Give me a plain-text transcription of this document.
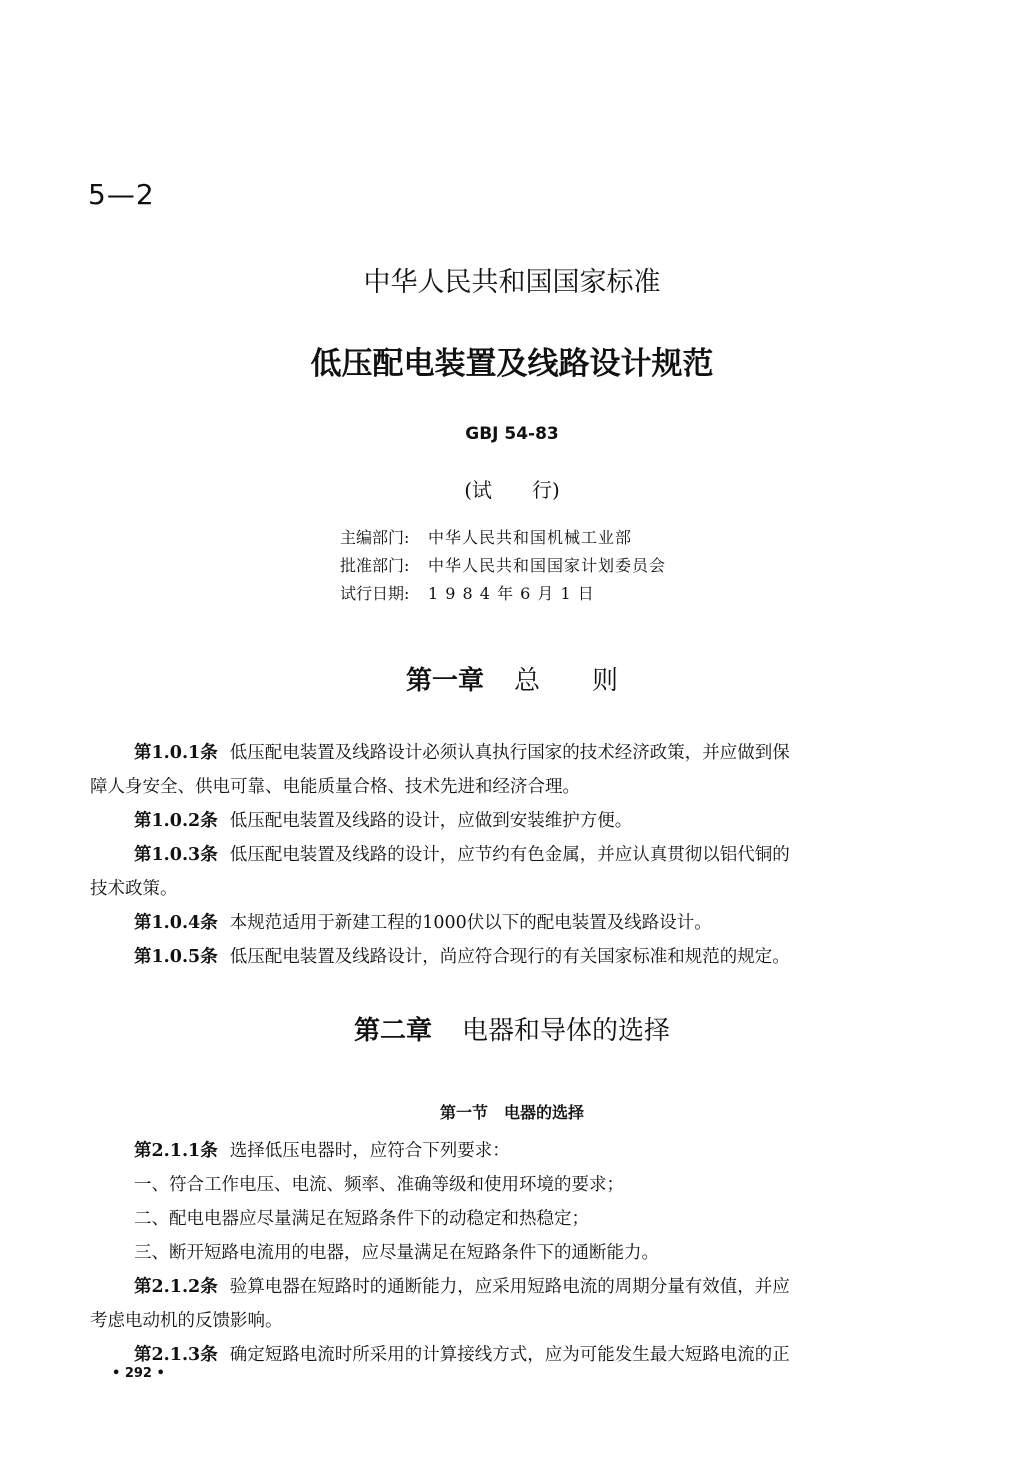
5—2
中华人民共和国国家标准
低压配电装置及线路设计规范
GBJ 54-83
(试　　行)
主编部门: 中华人民共和国机械工业部
批准部门: 中华人民共和国国家计划委员会
试行日期: 1 9 8 4 年 6 月 1 日
第一章 总　　则
第1.0.1条 低压配电装置及线路设计必须认真执行国家的技术经济政策，并应做到保
障人身安全、供电可靠、电能质量合格、技术先进和经济合理。
第1.0.2条 低压配电装置及线路的设计，应做到安装维护方便。
第1.0.3条 低压配电装置及线路的设计，应节约有色金属，并应认真贯彻以铝代铜的
技术政策。
第1.0.4条 本规范适用于新建工程的1000伏以下的配电装置及线路设计。
第1.0.5条 低压配电装置及线路设计，尚应符合现行的有关国家标准和规范的规定。
第二章 电器和导体的选择
第一节　电器的选择
第2.1.1条 选择低压电器时，应符合下列要求：
一、符合工作电压、电流、频率、准确等级和使用环境的要求；
二、配电电器应尽量满足在短路条件下的动稳定和热稳定；
三、断开短路电流用的电器，应尽量满足在短路条件下的通断能力。
第2.1.2条 验算电器在短路时的通断能力，应采用短路电流的周期分量有效值，并应
考虑电动机的反馈影响。
第2.1.3条 确定短路电流时所采用的计算接线方式，应为可能发生最大短路电流的正
• 292 •
